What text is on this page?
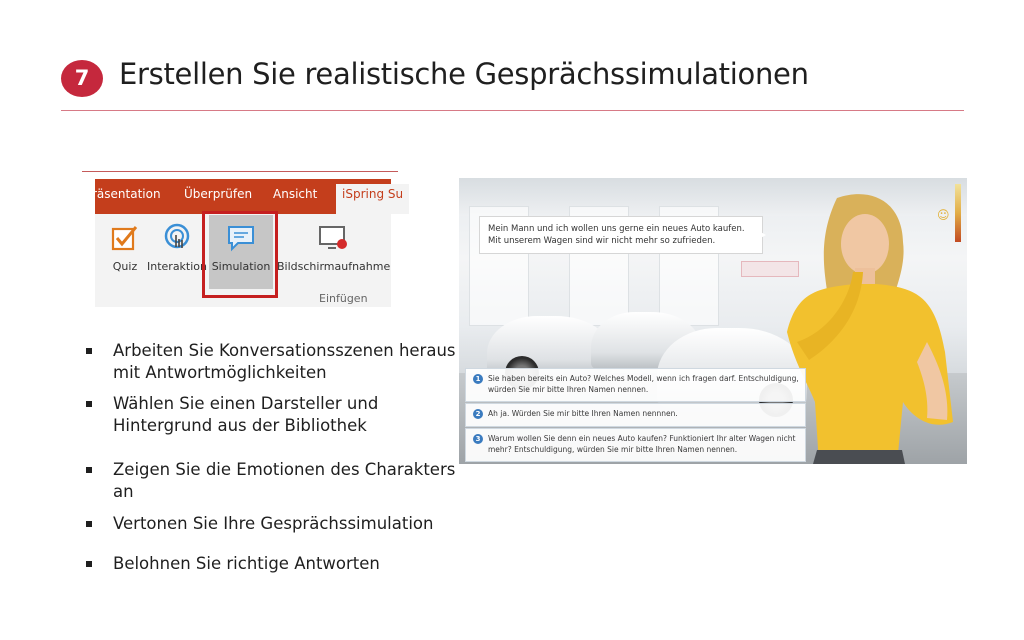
7	Erstellen Sie realistische Gesprächssimulationen
räsentation Überprüfen Ansicht	iSpring Su
Quiz Interaktion Simulation Bildschirmaufnahme
Einfügen
Arbeiten Sie Konversationsszenen heraus mit Antwortmöglichkeiten
Wählen Sie einen Darsteller und Hintergrund aus der Bibliothek
Zeigen Sie die Emotionen des Charakters an
Vertonen Sie Ihre Gesprächssimulation
Belohnen Sie richtige Antworten
Mein Mann und ich wollen uns gerne ein neues Auto kaufen. Mit unserem Wagen sind wir nicht mehr so zufrieden.
☺
1	Sie haben bereits ein Auto? Welches Modell, wenn ich fragen darf. Entschuldigung, würden Sie mir bitte Ihren Namen nennen.
2	Ah ja. Würden Sie mir bitte Ihren Namen nennnen.
3	Warum wollen Sie denn ein neues Auto kaufen? Funktioniert Ihr alter Wagen nicht mehr? Entschuldigung, würden Sie mir bitte Ihren Namen nennen.
